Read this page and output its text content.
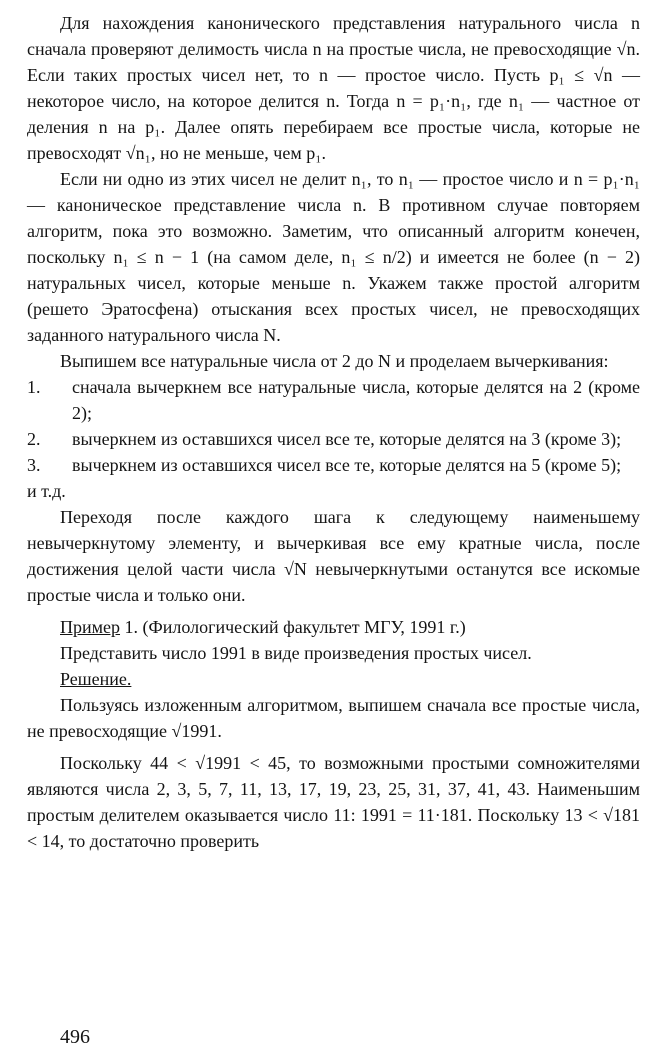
Для нахождения канонического представления натурального числа n сначала проверяют делимость числа n на простые числа, не превосходящие √n. Если таких простых чисел нет, то n — простое число. Пусть p₁ ≤ √n — некоторое число, на которое делится n. Тогда n = p₁·n₁, где n₁ — частное от деления n на p₁. Далее опять перебираем все простые числа, которые не превосходят √n₁, но не меньше, чем p₁.

Если ни одно из этих чисел не делит n₁, то n₁ — простое число и n = p₁·n₁ — каноническое представление числа n. В противном случае повторяем алгоритм, пока это возможно. Заметим, что описанный алгоритм конечен, поскольку n₁ ≤ n − 1 (на самом деле, n₁ ≤ n/2) и имеется не более (n − 2) натуральных чисел, которые меньше n. Укажем также простой алгоритм (решето Эратосфена) отыскания всех простых чисел, не превосходящих заданного натурального числа N.

Выпишем все натуральные числа от 2 до N и проделаем вычеркивания:

1.	сначала вычеркнем все натуральные числа, которые делятся на 2 (кроме 2);
2.	вычеркнем из оставшихся чисел все те, которые делятся на 3 (кроме 3);
3.	вычеркнем из оставшихся чисел все те, которые делятся на 5 (кроме 5);

и т.д.

Переходя после каждого шага к следующему наименьшему невычеркнутому элементу, и вычеркивая все ему кратные числа, после достижения целой части числа √N невычеркнутыми останутся все искомые простые числа и только они.

Пример 1. (Филологический факультет МГУ, 1991 г.)

Представить число 1991 в виде произведения простых чисел.

Решение.

Пользуясь изложенным алгоритмом, выпишем сначала все простые числа, не превосходящие √1991.

Поскольку 44 < √1991 < 45, то возможными простыми сомножителями являются числа 2, 3, 5, 7, 11, 13, 17, 19, 23, 25, 31, 37, 41, 43. Наименьшим простым делителем оказывается число 11: 1991 = 11·181. Поскольку 13 < √181 < 14, то достаточно проверить

496
